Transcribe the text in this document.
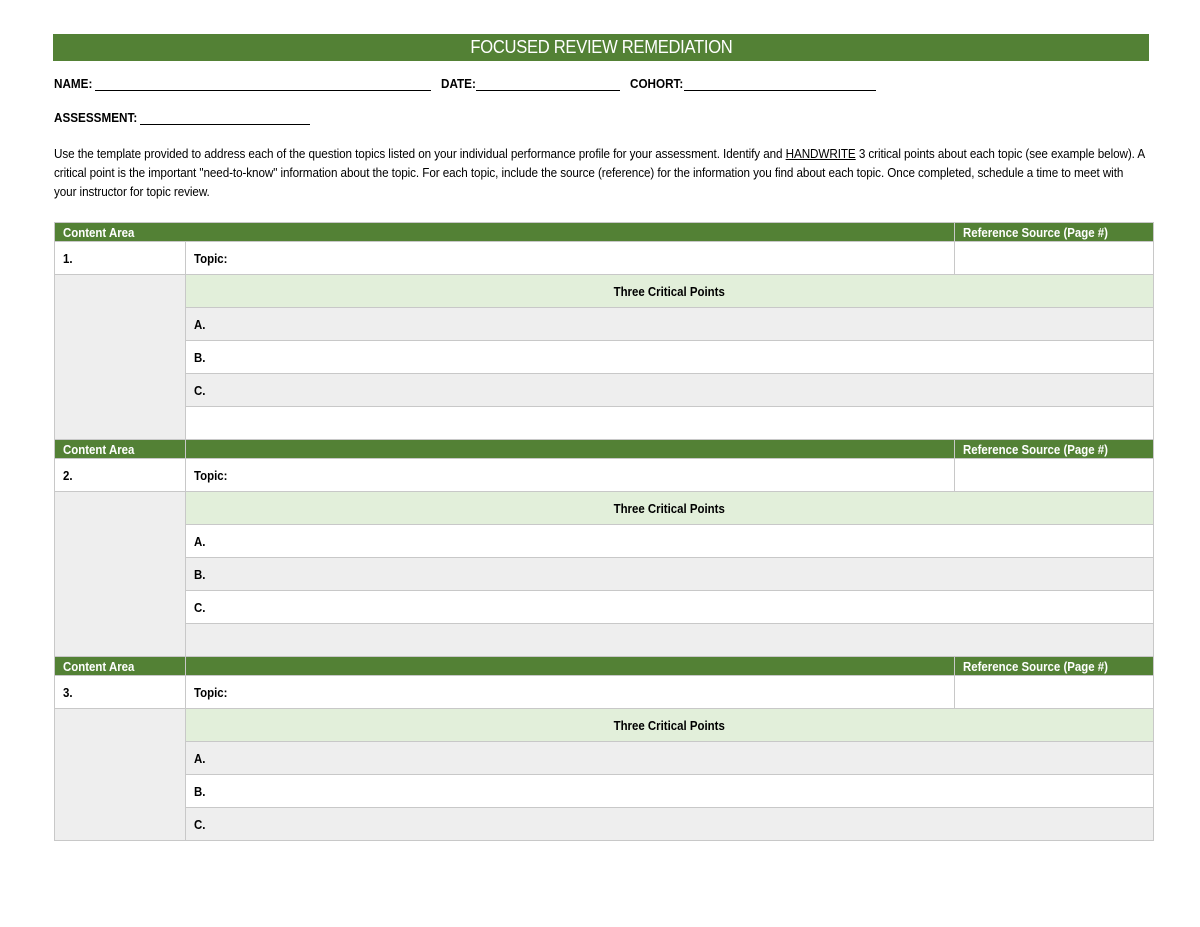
FOCUSED REVIEW REMEDIATION
NAME:	DATE:	COHORT:
ASSESSMENT:
Use the template provided to address each of the question topics listed on your individual performance profile for your assessment. Identify and HANDWRITE 3 critical points about each topic (see example below). A critical point is the important "need-to-know" information about the topic. For each topic, include the source (reference) for the information you find about each topic. Once completed, schedule a time to meet with your instructor for topic review.
Content Area		Reference Source (Page #)
1.	Topic:	
	Three Critical Points	
	A.	
	B.	
	C.	

Content Area		Reference Source (Page #)
2.	Topic:	
	Three Critical Points	
	A.	
	B.	
	C.	

Content Area		Reference Source (Page #)
3.	Topic:	
	Three Critical Points	
	A.	
	B.	
	C.	
